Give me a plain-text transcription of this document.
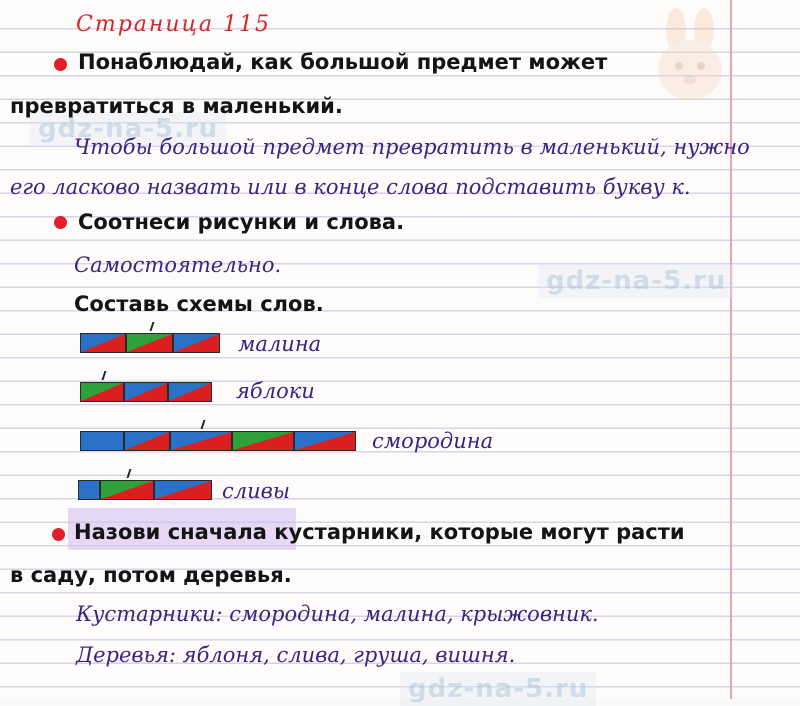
gdz-na-5.ru
gdz-na-5.ru
gdz-na-5.ru
Страница 115
Понаблюдай, как большой предмет может
превратиться в маленький.
Чтобы большой предмет превратить в маленький, нужно
его ласково назвать или в конце слова подставить букву к.
Соотнеси рисунки и слова.
Самостоятельно.
Составь схемы слов.
малина
яблоки
смородина
сливы
Назови сначала кустарники, которые могут расти
в саду, потом деревья.
Кустарники: смородина, малина, крыжовник.
Деревья: яблоня, слива, груша, вишня.
